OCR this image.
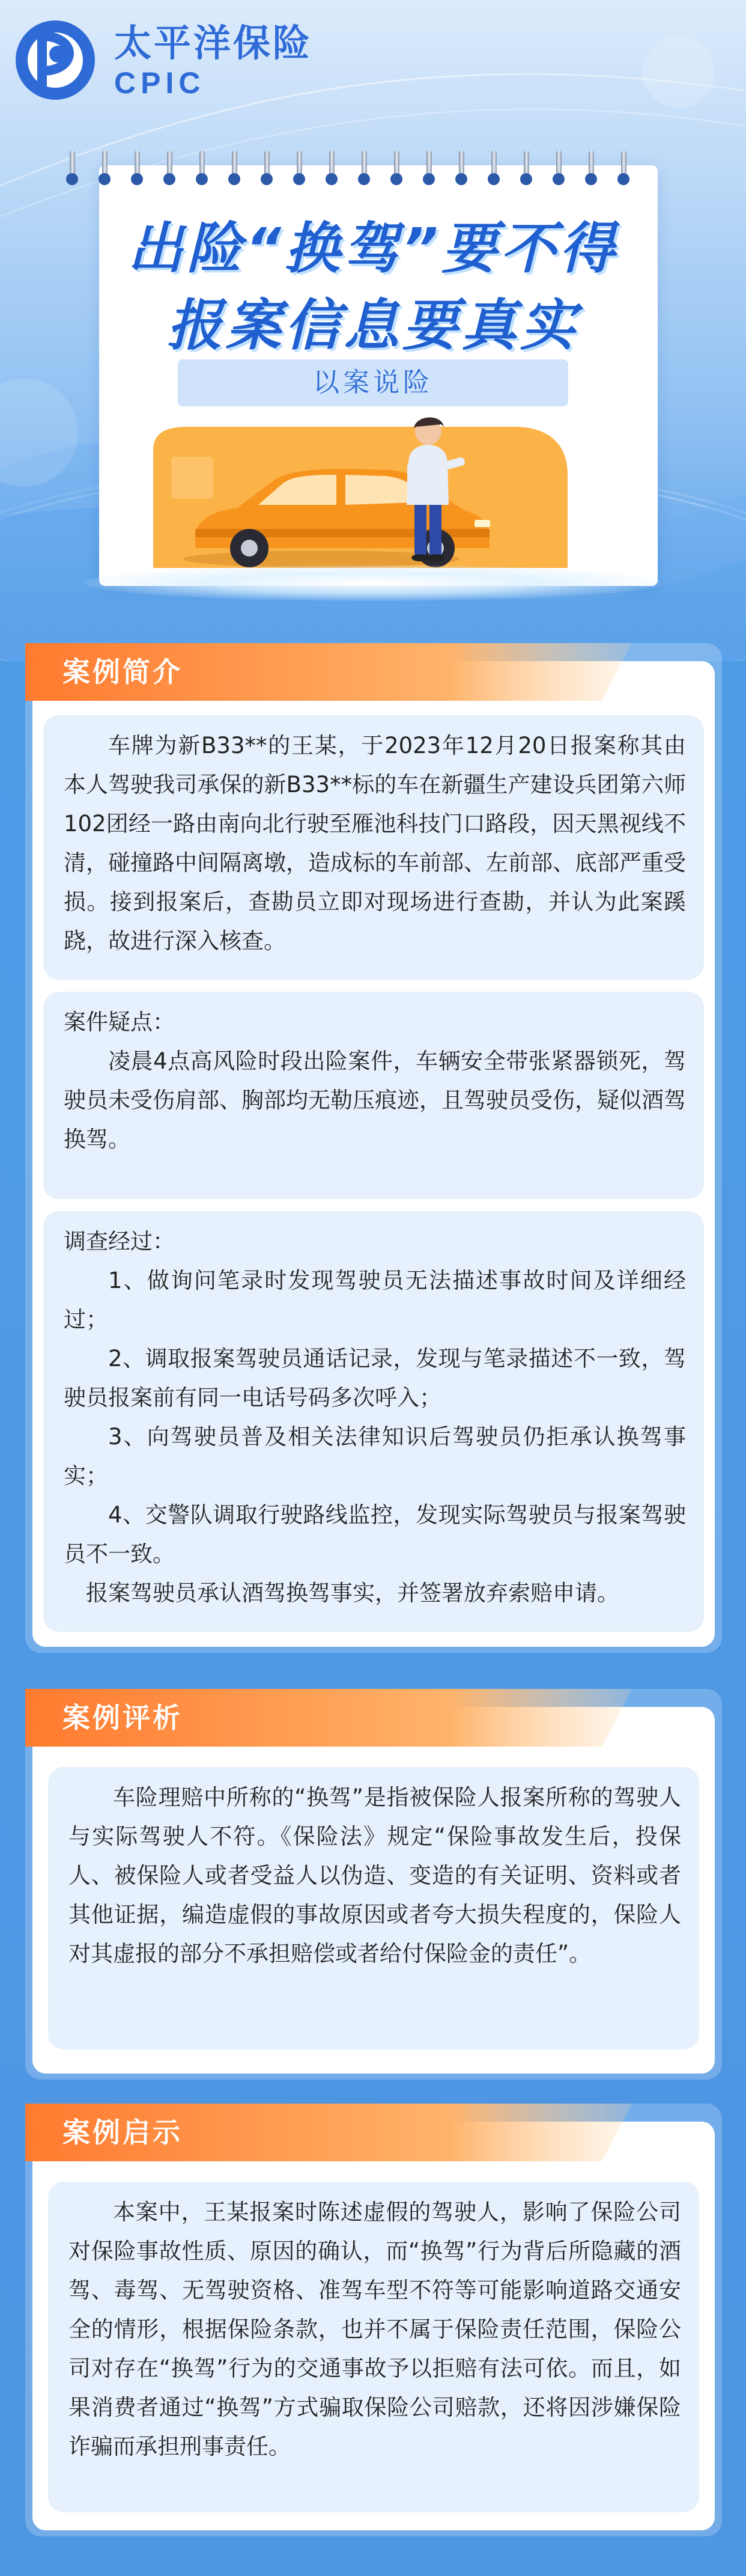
太平洋保险
CPIC
出险“换驾”要不得
报案信息要真实
以案说险
案例简介

车牌为新B33**的王某，于2023年12月20日报案称其由本人驾驶我司承保的新B33**标的车在新疆生产建设兵团第六师102团经一路由南向北行驶至雁池科技门口路段，因天黑视线不清，碰撞路中间隔离墩，造成标的车前部、左前部、底部严重受损。接到报案后，查勘员立即对现场进行查勘，并认为此案蹊跷，故进行深入核查。

案件疑点：

凌晨4点高风险时段出险案件，车辆安全带张紧器锁死，驾驶员未受伤肩部、胸部均无勒压痕迹，且驾驶员受伤，疑似酒驾换驾。

调查经过：

1、做询问笔录时发现驾驶员无法描述事故时间及详细经过；

2、调取报案驾驶员通话记录，发现与笔录描述不一致，驾驶员报案前有同一电话号码多次呼入；

3、向驾驶员普及相关法律知识后驾驶员仍拒承认换驾事实；

4、交警队调取行驶路线监控，发现实际驾驶员与报案驾驶员不一致。

报案驾驶员承认酒驾换驾事实，并签署放弃索赔申请。

案例评析

车险理赔中所称的“换驾”是指被保险人报案所称的驾驶人与实际驾驶人不符。《保险法》规定“保险事故发生后，投保人、被保险人或者受益人以伪造、变造的有关证明、资料或者其他证据，编造虚假的事故原因或者夸大损失程度的，保险人对其虚报的部分不承担赔偿或者给付保险金的责任”。

案例启示

本案中，王某报案时陈述虚假的驾驶人，影响了保险公司对保险事故性质、原因的确认，而“换驾”行为背后所隐藏的酒驾、毒驾、无驾驶资格、准驾车型不符等可能影响道路交通安全的情形，根据保险条款，也并不属于保险责任范围，保险公司对存在“换驾”行为的交通事故予以拒赔有法可依。而且，如果消费者通过“换驾”方式骗取保险公司赔款，还将因涉嫌保险诈骗而承担刑事责任。
